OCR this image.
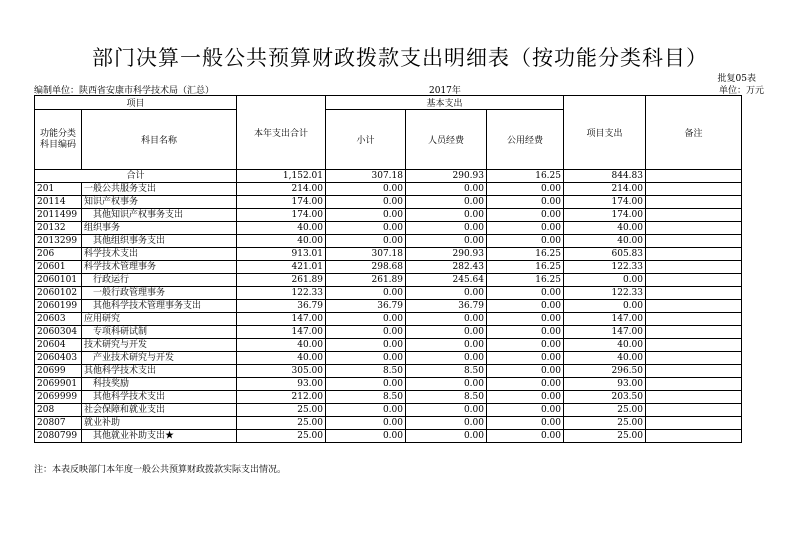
部门决算一般公共预算财政拨款支出明细表（按功能分类科目）
批复05表
编制单位：陕西省安康市科学技术局（汇总）	2017年	单位：万元
项目		本年支出合计	基本支出			项目支出	备注
功能分类科目编码	科目名称		小计	人员经费	公用经费		
合计		1,152.01	307.18	290.93	16.25	844.83	
201	一般公共服务支出	214.00	0.00	0.00	0.00	214.00	
20114	知识产权事务	174.00	0.00	0.00	0.00	174.00	
2011499	其他知识产权事务支出	174.00	0.00	0.00	0.00	174.00	
20132	组织事务	40.00	0.00	0.00	0.00	40.00	
2013299	其他组织事务支出	40.00	0.00	0.00	0.00	40.00	
206	科学技术支出	913.01	307.18	290.93	16.25	605.83	
20601	科学技术管理事务	421.01	298.68	282.43	16.25	122.33	
2060101	行政运行	261.89	261.89	245.64	16.25	0.00	
2060102	一般行政管理事务	122.33	0.00	0.00	0.00	122.33	
2060199	其他科学技术管理事务支出	36.79	36.79	36.79	0.00	0.00	
20603	应用研究	147.00	0.00	0.00	0.00	147.00	
2060304	专项科研试制	147.00	0.00	0.00	0.00	147.00	
20604	技术研究与开发	40.00	0.00	0.00	0.00	40.00	
2060403	产业技术研究与开发	40.00	0.00	0.00	0.00	40.00	
20699	其他科学技术支出	305.00	8.50	8.50	0.00	296.50	
2069901	科技奖励	93.00	0.00	0.00	0.00	93.00	
2069999	其他科学技术支出	212.00	8.50	8.50	0.00	203.50	
208	社会保障和就业支出	25.00	0.00	0.00	0.00	25.00	
20807	就业补助	25.00	0.00	0.00	0.00	25.00	
2080799	其他就业补助支出★	25.00	0.00	0.00	0.00	25.00	
注：本表反映部门本年度一般公共预算财政拨款实际支出情况。
